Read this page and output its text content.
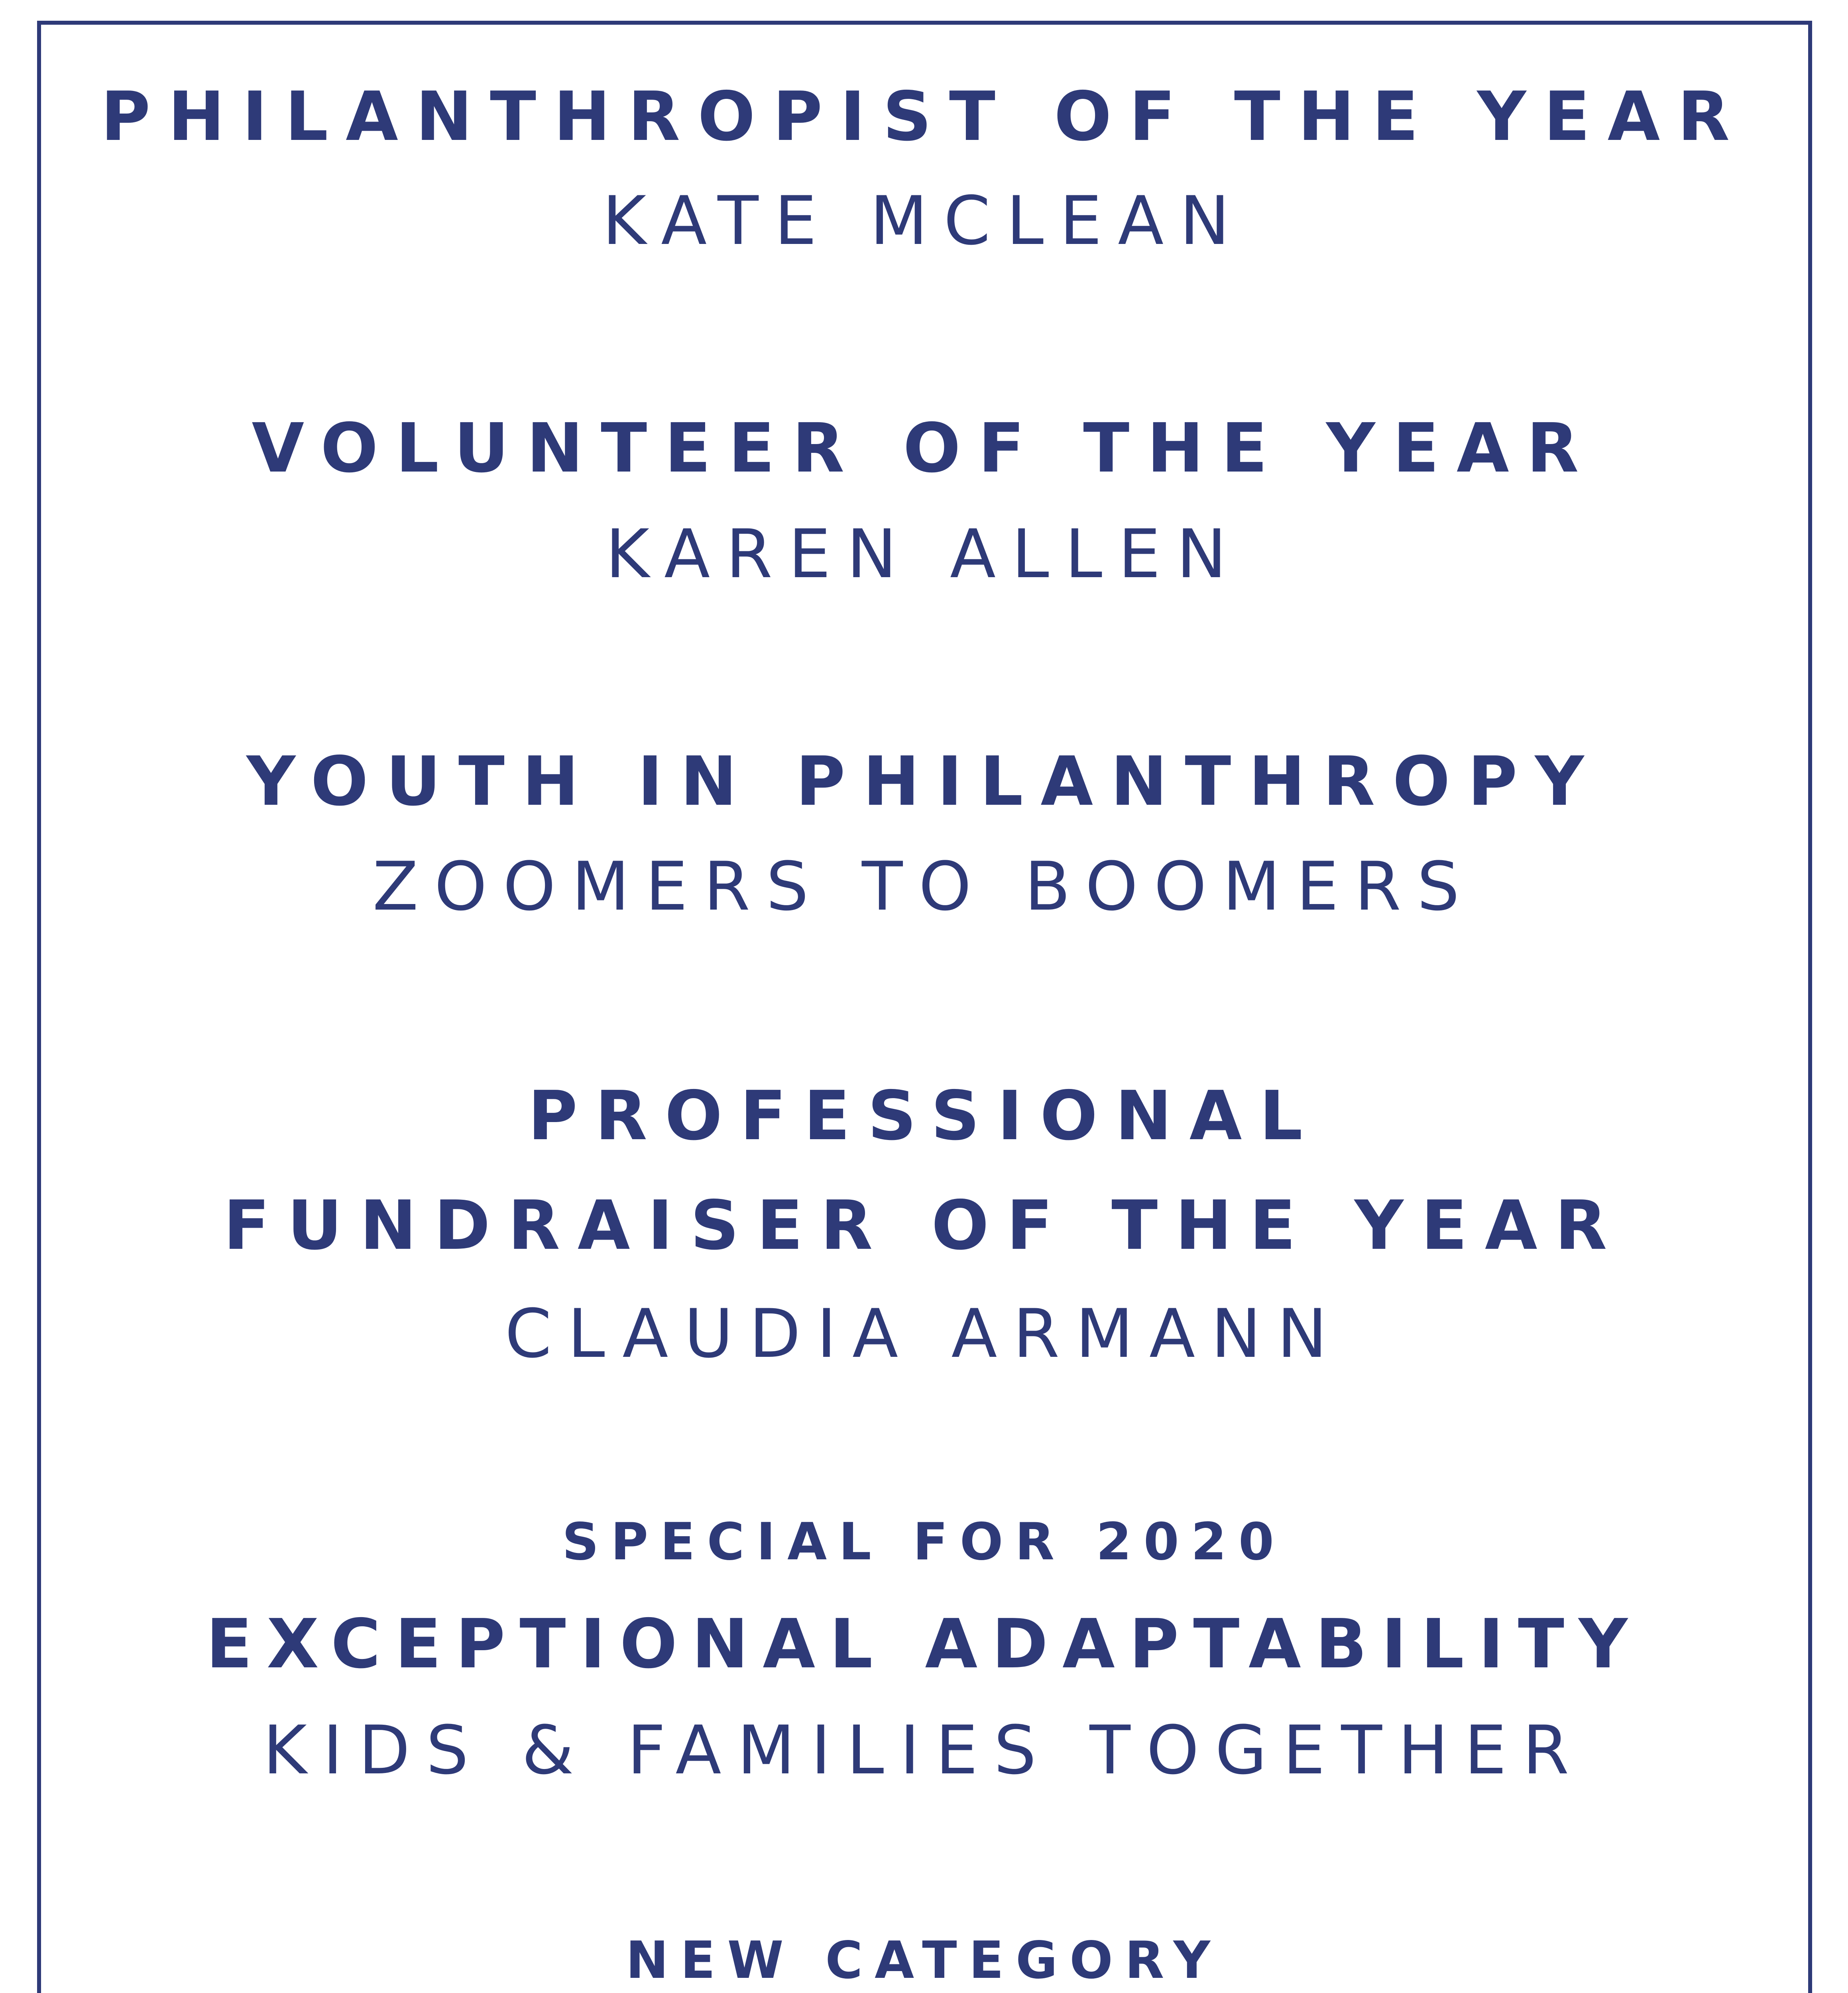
PHILANTHROPIST OF THE YEAR
KATE MCLEAN
VOLUNTEER OF THE YEAR
KAREN ALLEN
YOUTH IN PHILANTHROPY
ZOOMERS TO BOOMERS
PROFESSIONAL
FUNDRAISER OF THE YEAR
CLAUDIA ARMANN
SPECIAL FOR 2020
EXCEPTIONAL ADAPTABILITY
KIDS & FAMILIES TOGETHER
NEW CATEGORY
